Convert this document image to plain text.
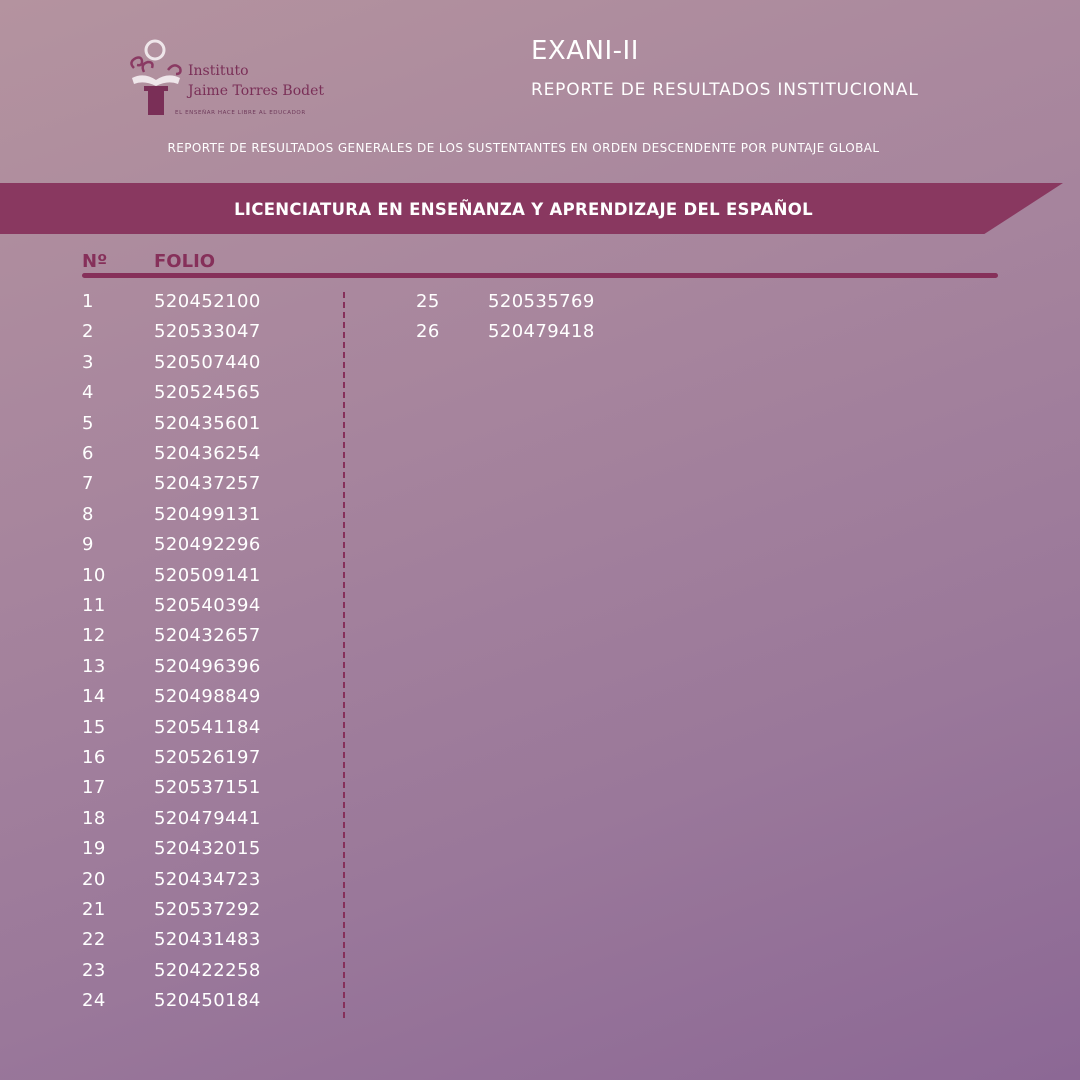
Instituto
Jaime Torres Bodet
EL ENSEÑAR HACE LIBRE AL EDUCADOR
EXANI-II
REPORTE DE RESULTADOS INSTITUCIONAL
REPORTE DE RESULTADOS GENERALES DE LOS SUSTENTANTES EN ORDEN DESCENDENTE POR PUNTAJE GLOBAL
LICENCIATURA EN ENSEÑANZA Y APRENDIZAJE DEL ESPAÑOL
Nº	FOLIO
1	520452100
2	520533047
3	520507440
4	520524565
5	520435601
6	520436254
7	520437257
8	520499131
9	520492296
10	520509141
11	520540394
12	520432657
13	520496396
14	520498849
15	520541184
16	520526197
17	520537151
18	520479441
19	520432015
20	520434723
21	520537292
22	520431483
23	520422258
24	520450184
25	520535769
26	520479418
